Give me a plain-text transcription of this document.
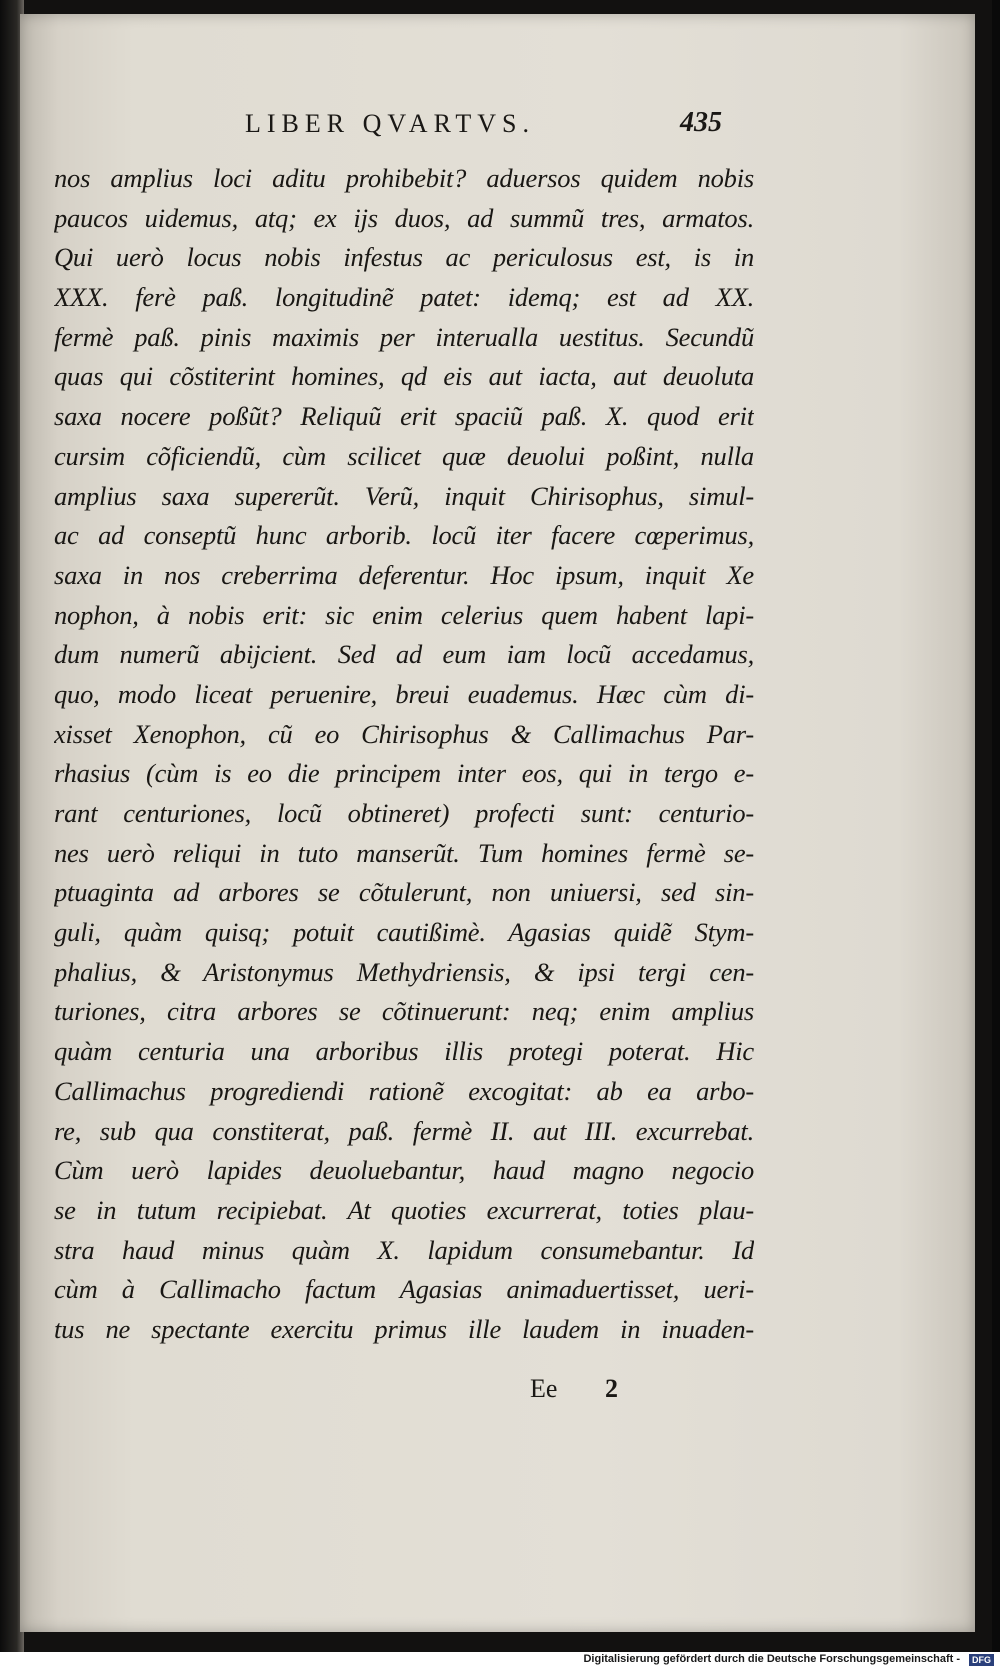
LIBER QVARTVS.	435
nos amplius loci aditu prohibebit? aduersos quidem nobis
paucos uidemus, atq; ex ijs duos, ad summũ tres, armatos.
Qui uerò locus nobis infestus ac periculosus est, is in
XXX. ferè paß. longitudinẽ patet: idemq; est ad XX.
fermè paß. pinis maximis per interualla uestitus. Secundũ
quas qui cõstiterint homines, qd eis aut iacta, aut deuoluta
saxa nocere poßũt? Reliquũ erit spaciũ paß. X. quod erit
cursim cõficiendũ, cùm scilicet quæ deuolui poßint, nulla
amplius saxa supererũt. Verũ, inquit Chirisophus, simul-
ac ad conseptũ hunc arborib. locũ iter facere cœperimus,
saxa in nos creberrima deferentur. Hoc ipsum, inquit Xe
nophon, à nobis erit: sic enim celerius quem habent lapi-
dum numerũ abijcient. Sed ad eum iam locũ accedamus,
quo, modo liceat peruenire, breui euademus. Hæc cùm di-
xisset Xenophon, cũ eo Chirisophus & Callimachus Par-
rhasius (cùm is eo die principem inter eos, qui in tergo e-
rant centuriones, locũ obtineret) profecti sunt: centurio-
nes uerò reliqui in tuto manserũt. Tum homines fermè se-
ptuaginta ad arbores se cõtulerunt, non uniuersi, sed sin-
guli, quàm quisq; potuit cautißimè. Agasias quidẽ Stym-
phalius, & Aristonymus Methydriensis, & ipsi tergi cen-
turiones, citra arbores se cõtinuerunt: neq; enim amplius
quàm centuria una arboribus illis protegi poterat. Hic
Callimachus progrediendi rationẽ excogitat: ab ea arbo-
re, sub qua constiterat, paß. fermè II. aut III. excurrebat.
Cùm uerò lapides deuoluebantur, haud magno negocio
se in tutum recipiebat. At quoties excurrerat, toties plau-
stra haud minus quàm X. lapidum consumebantur. Id
cùm à Callimacho factum Agasias animaduertisset, ueri-
tus ne spectante exercitu primus ille laudem in inuaden-
Ee 2
Digitalisierung gefördert durch die Deutsche Forschungsgemeinschaft -	DFG
